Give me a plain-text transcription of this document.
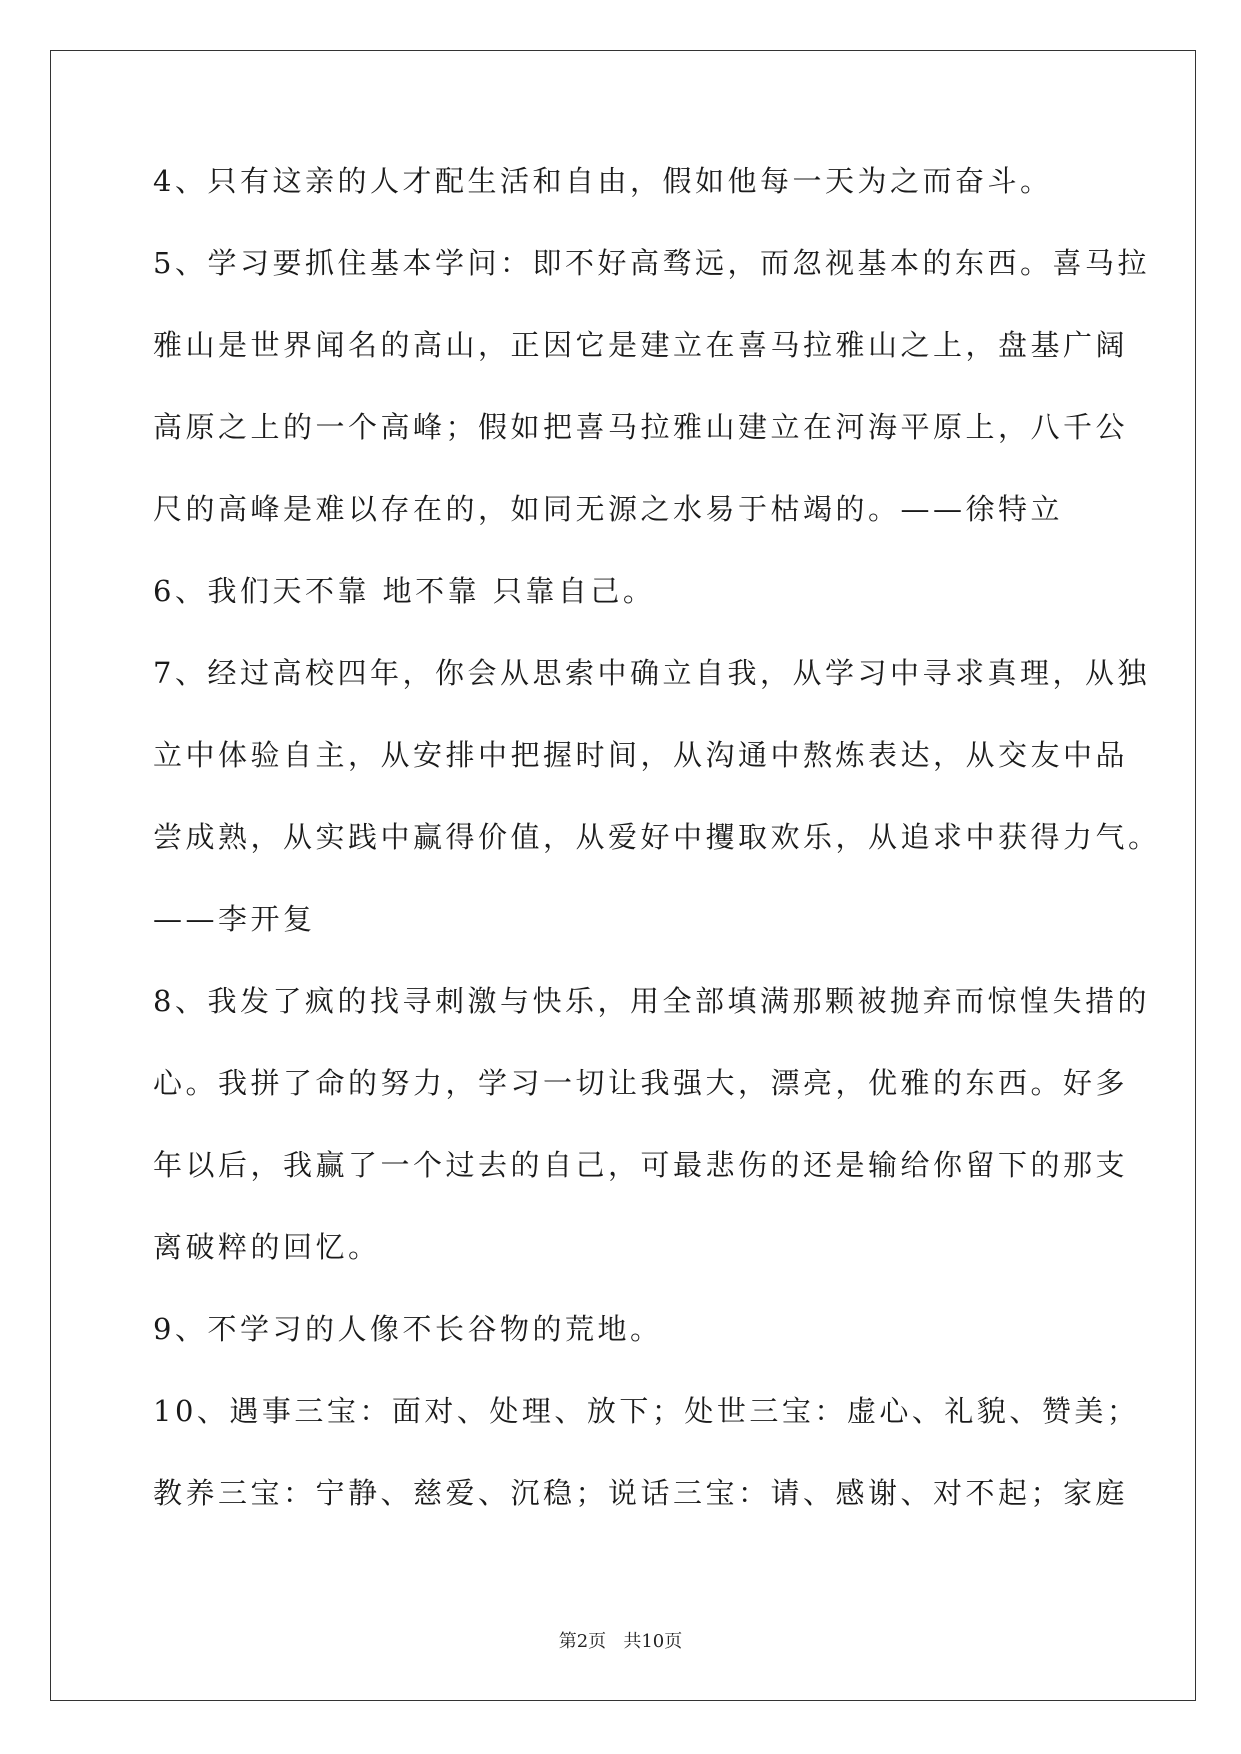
4、只有这亲的人才配生活和自由，假如他每一天为之而奋斗。
5、学习要抓住基本学问：即不好高骛远，而忽视基本的东西。喜马拉
雅山是世界闻名的高山，正因它是建立在喜马拉雅山之上，盘基广阔
高原之上的一个高峰；假如把喜马拉雅山建立在河海平原上，八千公
尺的高峰是难以存在的，如同无源之水易于枯竭的。——徐特立
6、我们天不靠 地不靠 只靠自己。
7、经过高校四年，你会从思索中确立自我，从学习中寻求真理，从独
立中体验自主，从安排中把握时间，从沟通中熬炼表达，从交友中品
尝成熟，从实践中赢得价值，从爱好中攫取欢乐，从追求中获得力气。
——李开复
8、我发了疯的找寻刺激与快乐，用全部填满那颗被抛弃而惊惶失措的
心。我拼了命的努力，学习一切让我强大，漂亮，优雅的东西。好多
年以后，我赢了一个过去的自己，可最悲伤的还是输给你留下的那支
离破粹的回忆。
9、不学习的人像不长谷物的荒地。
10、遇事三宝：面对、处理、放下；处世三宝：虚心、礼貌、赞美；
教养三宝：宁静、慈爱、沉稳；说话三宝：请、感谢、对不起；家庭
第2页   共10页
